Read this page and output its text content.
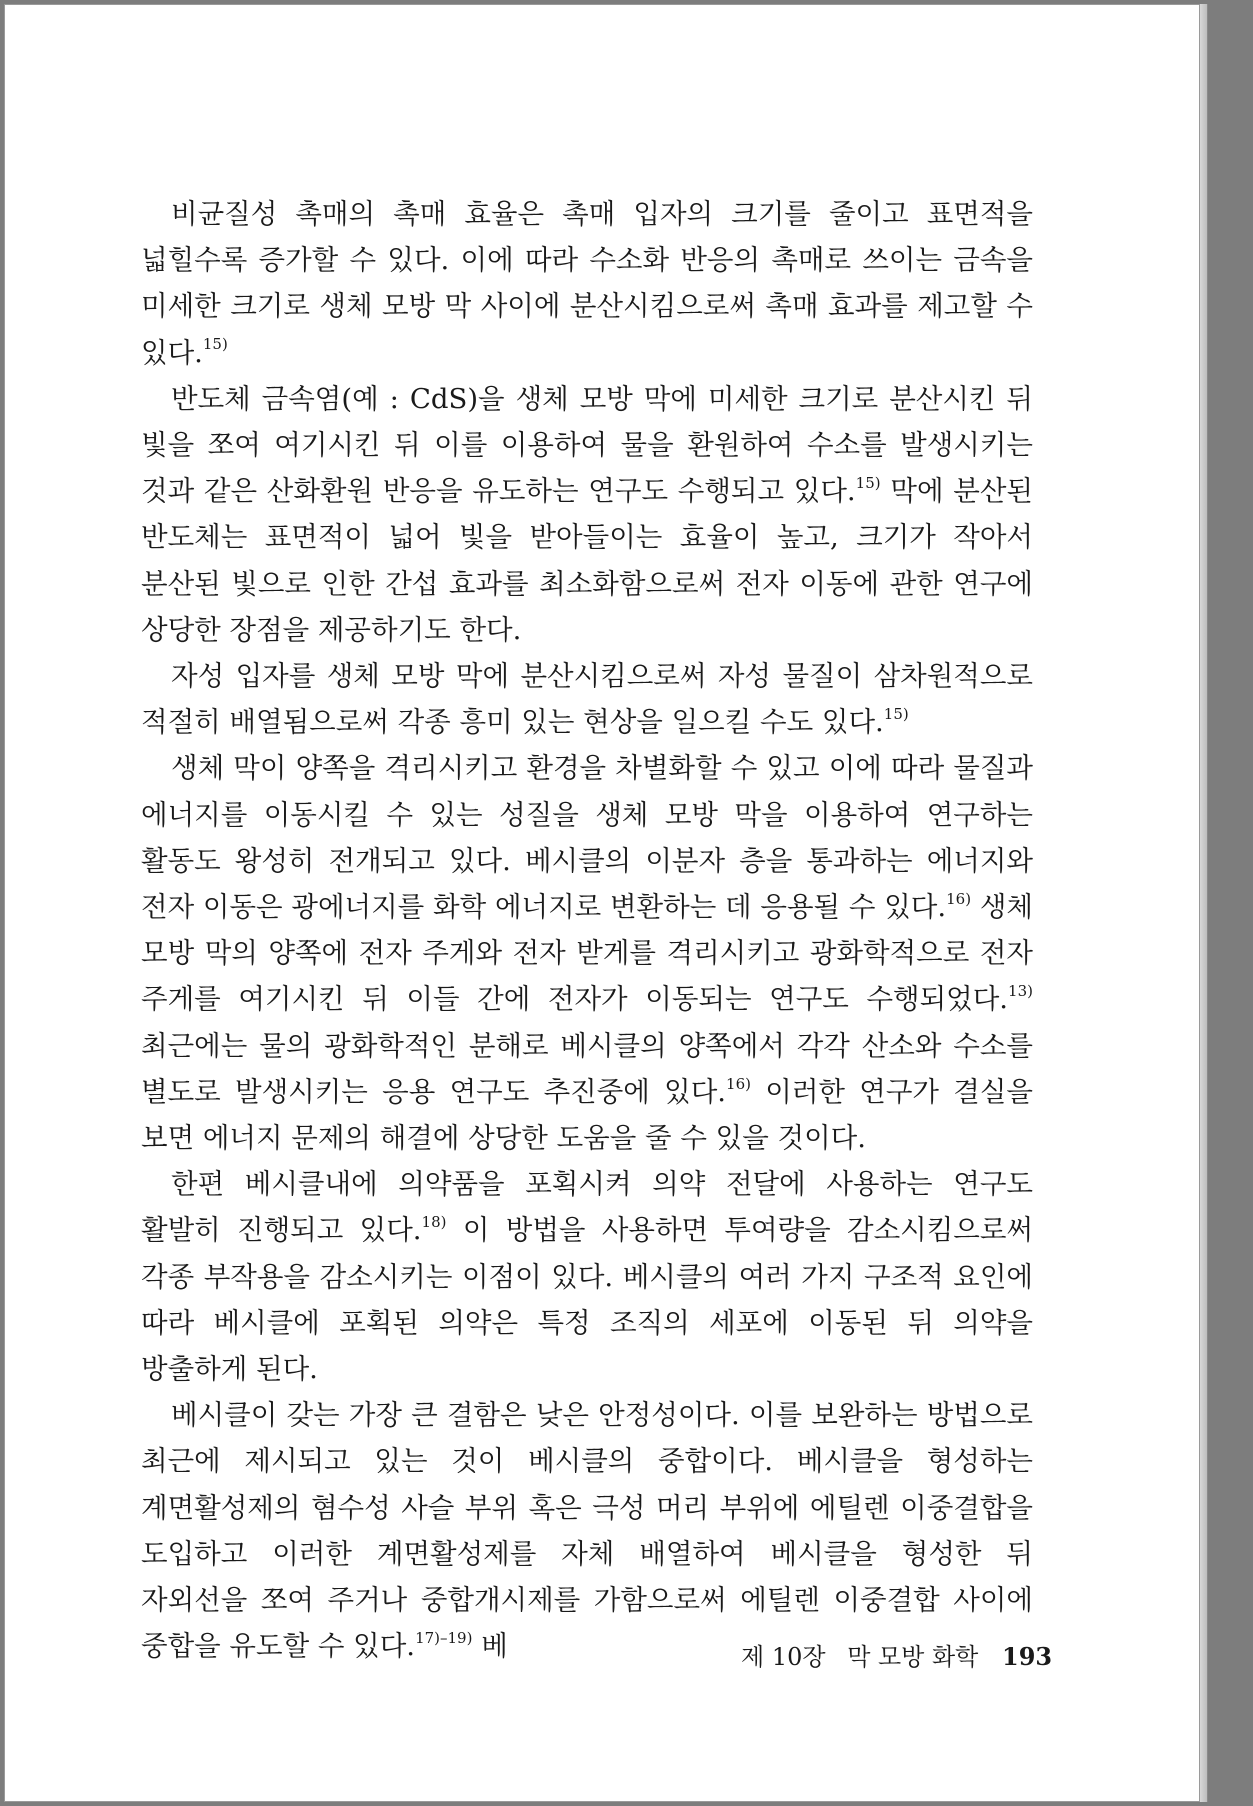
비균질성 촉매의 촉매 효율은 촉매 입자의 크기를 줄이고 표면적을 넓힐수록 증가할 수 있다. 이에 따라 수소화 반응의 촉매로 쓰이는 금속을 미세한 크기로 생체 모방 막 사이에 분산시킴으로써 촉매 효과를 제고할 수 있다.$^{15)}$

반도체 금속염(예 : CdS)을 생체 모방 막에 미세한 크기로 분산시킨 뒤 빛을 쪼여 여기시킨 뒤 이를 이용하여 물을 환원하여 수소를 발생시키는 것과 같은 산화환원 반응을 유도하는 연구도 수행되고 있다.$^{15)}$ 막에 분산된 반도체는 표면적이 넓어 빛을 받아들이는 효율이 높고, 크기가 작아서 분산된 빛으로 인한 간섭 효과를 최소화함으로써 전자 이동에 관한 연구에 상당한 장점을 제공하기도 한다.

자성 입자를 생체 모방 막에 분산시킴으로써 자성 물질이 삼차원적으로 적절히 배열됨으로써 각종 흥미 있는 현상을 일으킬 수도 있다.$^{15)}$

생체 막이 양쪽을 격리시키고 환경을 차별화할 수 있고 이에 따라 물질과 에너지를 이동시킬 수 있는 성질을 생체 모방 막을 이용하여 연구하는 활동도 왕성히 전개되고 있다. 베시클의 이분자 층을 통과하는 에너지와 전자 이동은 광에너지를 화학 에너지로 변환하는 데 응용될 수 있다.$^{16)}$ 생체 모방 막의 양쪽에 전자 주게와 전자 받게를 격리시키고 광화학적으로 전자 주게를 여기시킨 뒤 이들 간에 전자가 이동되는 연구도 수행되었다.$^{13)}$ 최근에는 물의 광화학적인 분해로 베시클의 양쪽에서 각각 산소와 수소를 별도로 발생시키는 응용 연구도 추진중에 있다.$^{16)}$ 이러한 연구가 결실을 보면 에너지 문제의 해결에 상당한 도움을 줄 수 있을 것이다.

한편 베시클내에 의약품을 포획시켜 의약 전달에 사용하는 연구도 활발히 진행되고 있다.$^{18)}$ 이 방법을 사용하면 투여량을 감소시킴으로써 각종 부작용을 감소시키는 이점이 있다. 베시클의 여러 가지 구조적 요인에 따라 베시클에 포획된 의약은 특정 조직의 세포에 이동된 뒤 의약을 방출하게 된다.

베시클이 갖는 가장 큰 결함은 낮은 안정성이다. 이를 보완하는 방법으로 최근에 제시되고 있는 것이 베시클의 중합이다. 베시클을 형성하는 계면활성제의 혐수성 사슬 부위 혹은 극성 머리 부위에 에틸렌 이중결합을 도입하고 이러한 계면활성제를 자체 배열하여 베시클을 형성한 뒤 자외선을 쪼여 주거나 중합개시제를 가함으로써 에틸렌 이중결합 사이에 중합을 유도할 수 있다.$^{17)-19)}$ 베	제 10장 막 모방 화학 193
